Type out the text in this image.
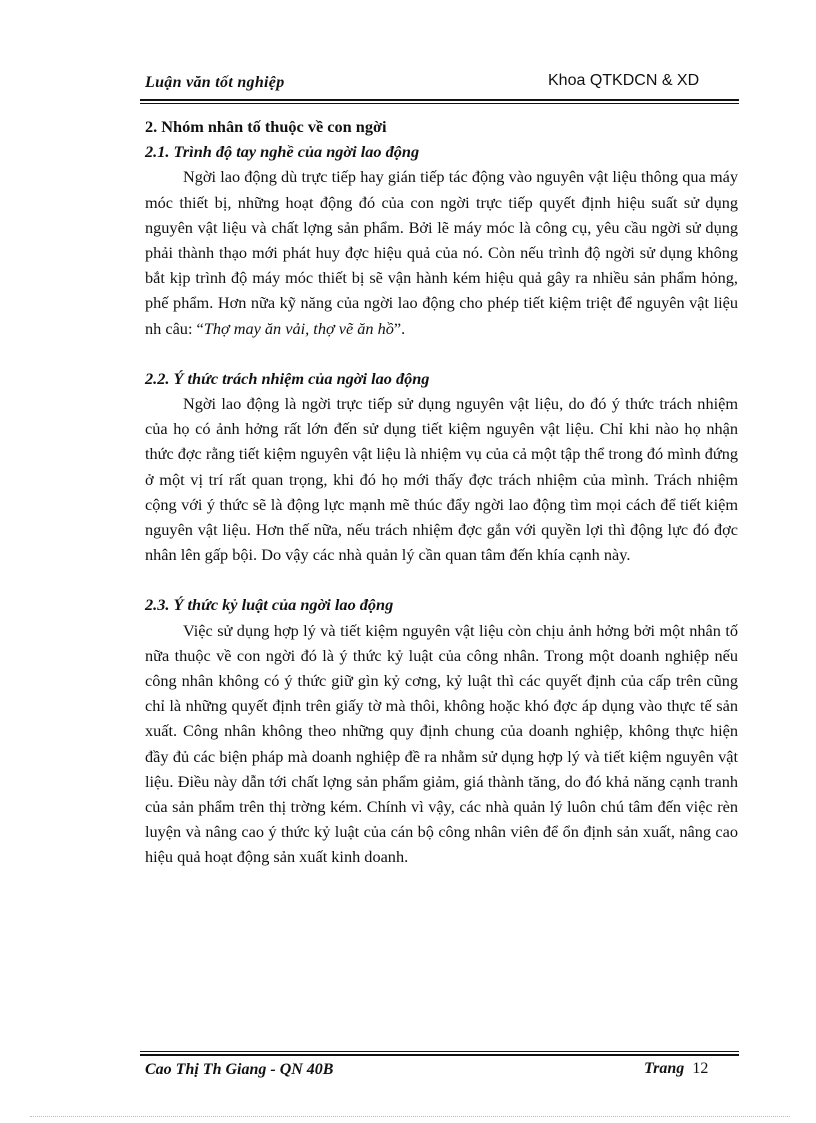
Luận văn tốt nghiệp	Khoa QTKDCN & XD

2. Nhóm nhân tố thuộc về con ngời

2.1. Trình độ tay nghề của ngời lao động

Ngời lao động dù trực tiếp hay gián tiếp tác động vào nguyên vật liệu thông qua máy móc thiết bị, những hoạt động đó của con ngời trực tiếp quyết định hiệu suất sử dụng nguyên vật liệu và chất lợng sản phẩm. Bởi lẽ máy móc là công cụ, yêu cầu ngời sử dụng phải thành thạo mới phát huy đợc hiệu quả của nó. Còn nếu trình độ ngời sử dụng không bắt kịp trình độ máy móc thiết bị sẽ vận hành kém hiệu quả gây ra nhiều sản phẩm hỏng, phế phẩm. Hơn nữa kỹ năng của ngời lao động cho phép tiết kiệm triệt để nguyên vật liệu nh câu: “Thợ may ăn vải, thợ vẽ ăn hồ”.

2.2. Ý thức trách nhiệm của ngời lao động

Ngời lao động là ngời trực tiếp sử dụng nguyên vật liệu, do đó ý thức trách nhiệm của họ có ảnh hởng rất lớn đến sử dụng tiết kiệm nguyên vật liệu. Chỉ khi nào họ nhận thức đợc rằng tiết kiệm nguyên vật liệu là nhiệm vụ của cả một tập thể trong đó mình đứng ở một vị trí rất quan trọng, khi đó họ mới thấy đợc trách nhiệm của mình. Trách nhiệm cộng với ý thức sẽ là động lực mạnh mẽ thúc đẩy ngời lao động tìm mọi cách để tiết kiệm nguyên vật liệu. Hơn thế nữa, nếu trách nhiệm đợc gắn với quyền lợi thì động lực đó đợc nhân lên gấp bội. Do vậy các nhà quản lý cần quan tâm đến khía cạnh này.

2.3. Ý thức kỷ luật của ngời lao động

Việc sử dụng hợp lý và tiết kiệm nguyên vật liệu còn chịu ảnh hởng bởi một nhân tố nữa thuộc về con ngời đó là ý thức kỷ luật của công nhân. Trong một doanh nghiệp nếu công nhân không có ý thức giữ gìn kỷ cơng, kỷ luật thì các quyết định của cấp trên cũng chỉ là những quyết định trên giấy tờ mà thôi, không hoặc khó đợc áp dụng vào thực tế sản xuất. Công nhân không theo những quy định chung của doanh nghiệp, không thực hiện đầy đủ các biện pháp mà doanh nghiệp đề ra nhằm sử dụng hợp lý và tiết kiệm nguyên vật liệu. Điều này dẫn tới chất lợng sản phẩm giảm, giá thành tăng, do đó khả năng cạnh tranh của sản phẩm trên thị trờng kém. Chính vì vậy, các nhà quản lý luôn chú tâm đến việc rèn luyện và nâng cao ý thức kỷ luật của cán bộ công nhân viên để ổn định sản xuất, nâng cao hiệu quả hoạt động sản xuất kinh doanh.

Cao Thị Th Giang - QN 40B	Trang 12
